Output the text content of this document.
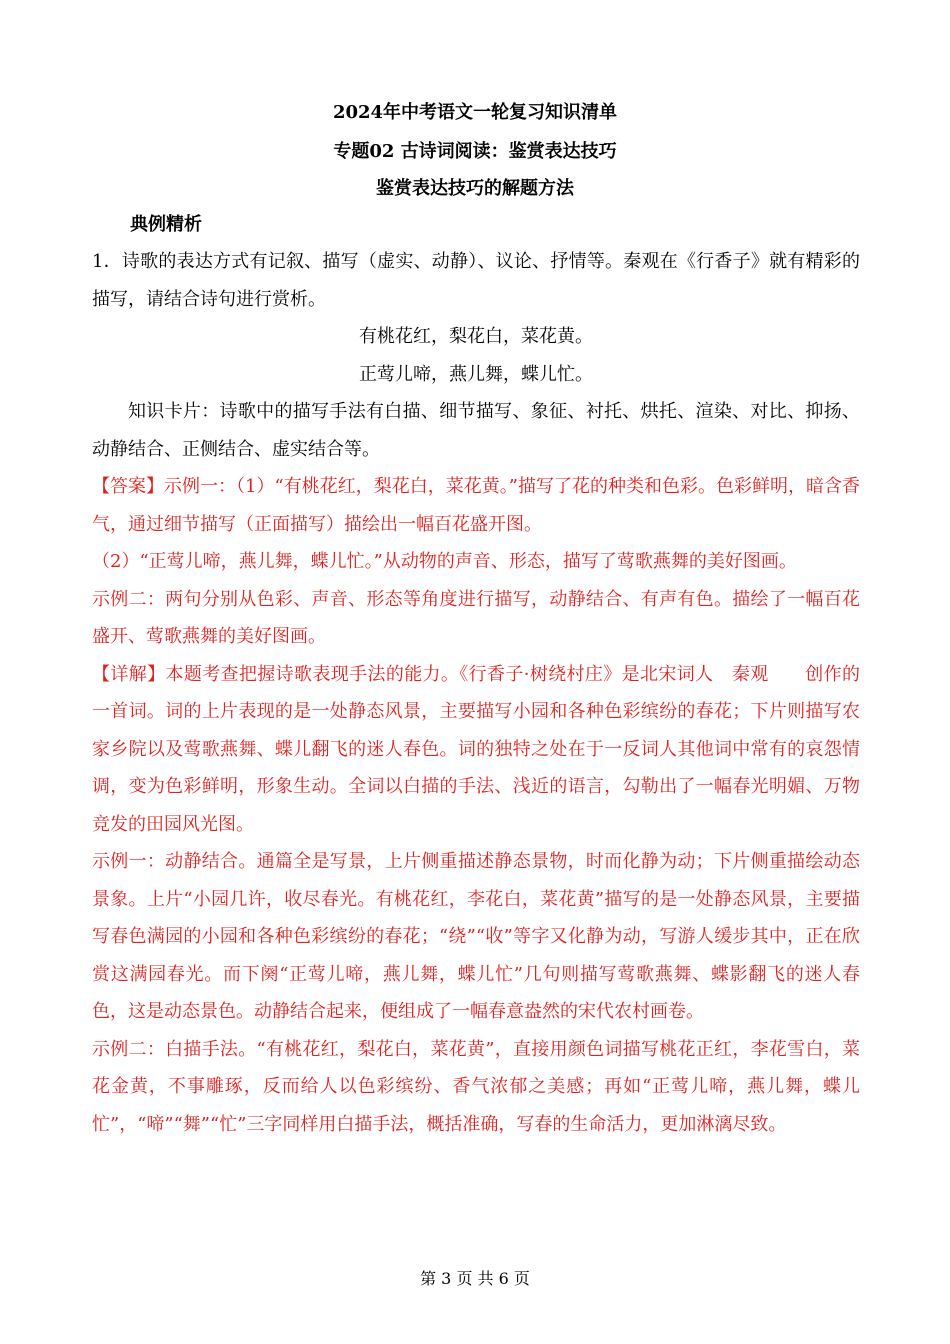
2024年中考语文一轮复习知识清单
专题02 古诗词阅读：鉴赏表达技巧
鉴赏表达技巧的解题方法
典例精析

1．诗歌的表达方式有记叙、描写（虚实、动静）、议论、抒情等。秦观在《行香子》就有精彩的描写，请结合诗句进行赏析。

有桃花红，梨花白，菜花黄。

正莺儿啼，燕儿舞，蝶儿忙。

知识卡片：诗歌中的描写手法有白描、细节描写、象征、衬托、烘托、渲染、对比、抑扬、动静结合、正侧结合、虚实结合等。

【答案】示例一：（1）“有桃花红，梨花白，菜花黄。”描写了花的种类和色彩。色彩鲜明，暗含香气，通过细节描写（正面描写）描绘出一幅百花盛开图。

（2）“正莺儿啼，燕儿舞，蝶儿忙。”从动物的声音、形态，描写了莺歌燕舞的美好图画。

示例二：两句分别从色彩、声音、形态等角度进行描写，动静结合、有声有色。描绘了一幅百花盛开、莺歌燕舞的美好图画。

【详解】本题考查把握诗歌表现手法的能力。《行香子·树绕村庄》是北宋词人　秦观　　创作的一首词。词的上片表现的是一处静态风景，主要描写小园和各种色彩缤纷的春花；下片则描写农家乡院以及莺歌燕舞、蝶儿翻飞的迷人春色。词的独特之处在于一反词人其他词中常有的哀怨情调，变为色彩鲜明，形象生动。全词以白描的手法、浅近的语言，勾勒出了一幅春光明媚、万物竞发的田园风光图。

示例一：动静结合。通篇全是写景，上片侧重描述静态景物，时而化静为动；下片侧重描绘动态景象。上片“小园几许，收尽春光。有桃花红，李花白，菜花黄”描写的是一处静态风景，主要描写春色满园的小园和各种色彩缤纷的春花；“绕”“收”等字又化静为动，写游人缓步其中，正在欣赏这满园春光。而下阕“正莺儿啼，燕儿舞，蝶儿忙”几句则描写莺歌燕舞、蝶影翻飞的迷人春色，这是动态景色。动静结合起来，便组成了一幅春意盎然的宋代农村画卷。

示例二：白描手法。“有桃花红，梨花白，菜花黄”，直接用颜色词描写桃花正红，李花雪白，菜花金黄，不事雕琢，反而给人以色彩缤纷、香气浓郁之美感；再如“正莺儿啼，燕儿舞，蝶儿忙”，“啼”“舞”“忙”三字同样用白描手法，概括准确，写春的生命活力，更加淋漓尽致。

第 3 页 共 6 页
